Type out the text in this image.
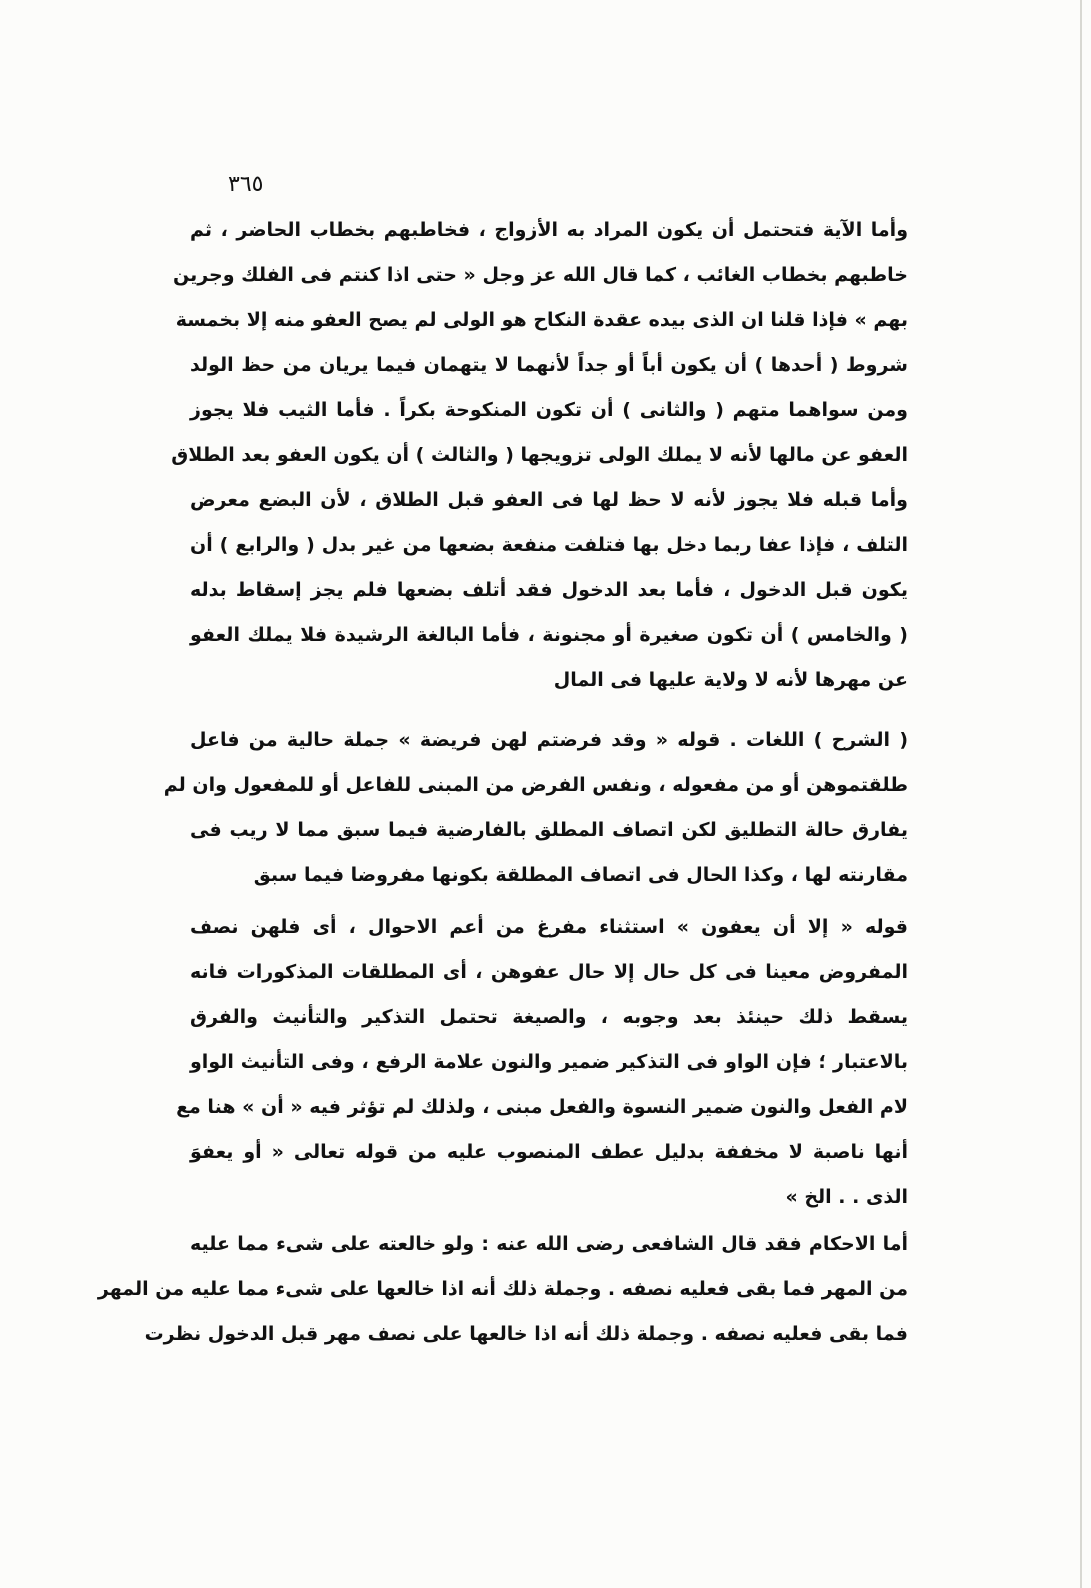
٣٦٥
وأما الآية فتحتمل أن يكون المراد به الأزواج ، فخاطبهم بخطاب الحاضر ، ثم
خاطبهم بخطاب الغائب ، كما قال الله عز وجل « حتى اذا كنتم فى الفلك وجرين
بهم » فإذا قلنا ان الذى بيده عقدة النكاح هو الولى لم يصح العفو منه إلا بخمسة
شروط ( أحدها ) أن يكون أباً أو جداً لأنهما لا يتهمان فيما يريان من حظ الولد
ومن سواهما متهم ( والثانى ) أن تكون المنكوحة بكراً . فأما الثيب فلا يجوز
العفو عن مالها لأنه لا يملك الولى تزويجها ( والثالث ) أن يكون العفو بعد الطلاق
وأما قبله فلا يجوز لأنه لا حظ لها فى العفو قبل الطلاق ، لأن البضع معرض
التلف ، فإذا عفا ربما دخل بها فتلفت منفعة بضعها من غير بدل ( والرابع ) أن
يكون قبل الدخول ، فأما بعد الدخول فقد أتلف بضعها فلم يجز إسقاط بدله
( والخامس ) أن تكون صغيرة أو مجنونة ، فأما البالغة الرشيدة فلا يملك العفو
عن مهرها لأنه لا ولاية عليها فى المال
( الشرح ) اللغات . قوله « وقد فرضتم لهن فريضة » جملة حالية من فاعل
طلقتموهن أو من مفعوله ، ونفس الفرض من المبنى للفاعل أو للمفعول وان لم
يفارق حالة التطليق لكن اتصاف المطلق بالفارضية فيما سبق مما لا ريب فى
مقارنته لها ، وكذا الحال فى اتصاف المطلقة بكونها مفروضا فيما سبق
قوله « إلا أن يعفون » استثناء مفرغ من أعم الاحوال ، أى فلهن نصف
المفروض معينا فى كل حال إلا حال عفوهن ، أى المطلقات المذكورات فانه
يسقط ذلك حينئذ بعد وجوبه ، والصيغة تحتمل التذكير والتأنيث والفرق
بالاعتبار ؛ فإن الواو فى التذكير ضمير والنون علامة الرفع ، وفى التأنيث الواو
لام الفعل والنون ضمير النسوة والفعل مبنى ، ولذلك لم تؤثر فيه « أن » هنا مع
أنها ناصبة لا مخففة بدليل عطف المنصوب عليه من قوله تعالى « أو يعفوَ
الذى . . الخ »
أما الاحكام فقد قال الشافعى رضى الله عنه : ولو خالعته على شىء مما عليه
من المهر فما بقى فعليه نصفه . وجملة ذلك أنه اذا خالعها على شىء مما عليه من المهر
فما بقى فعليه نصفه . وجملة ذلك أنه اذا خالعها على نصف مهر قبل الدخول نظرت
